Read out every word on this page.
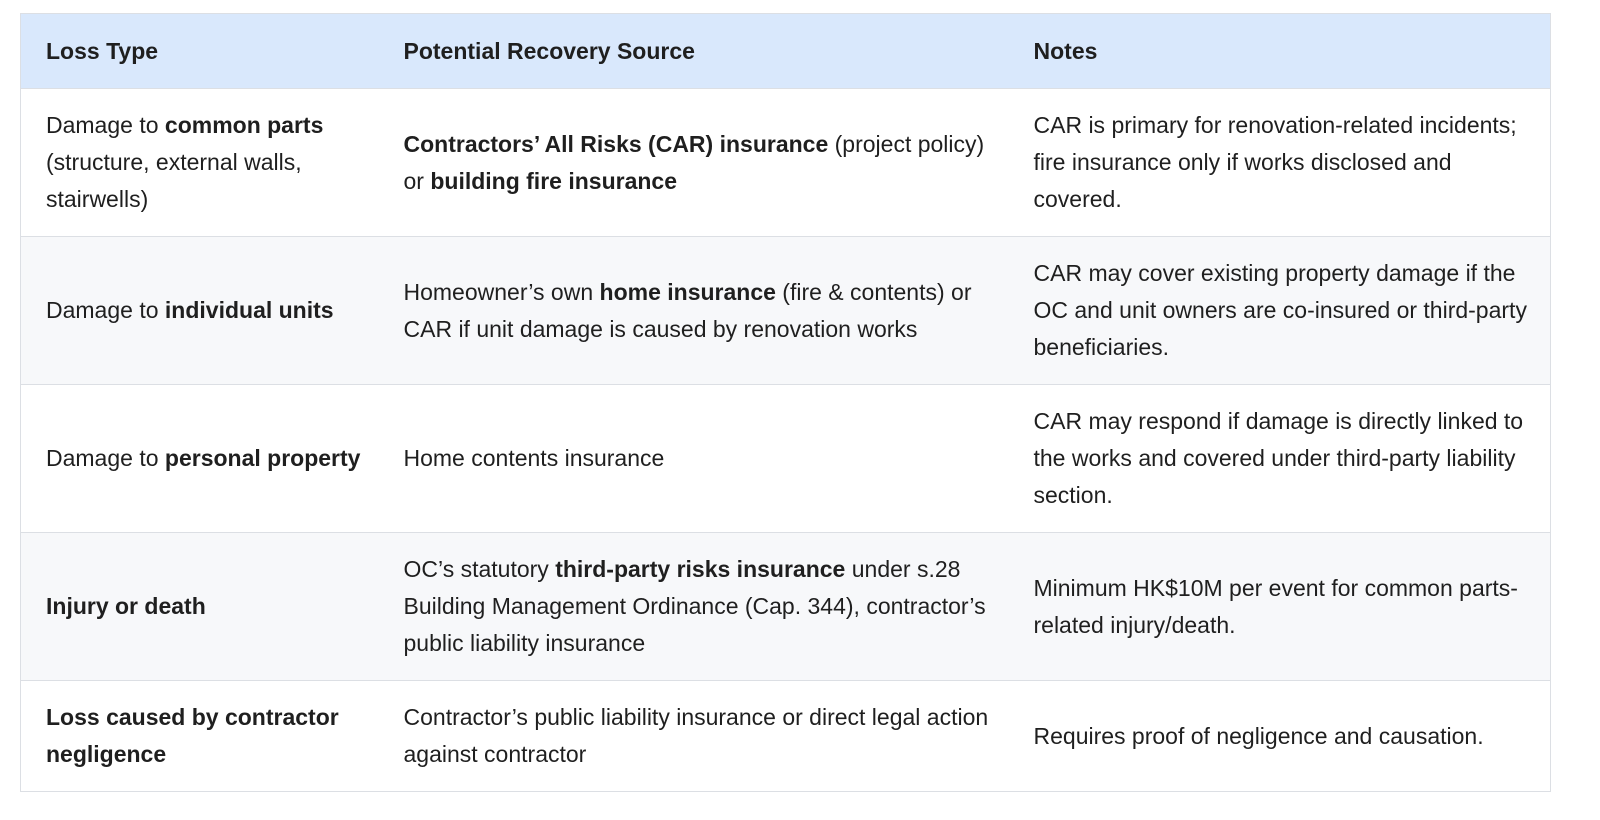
Loss Type	Potential Recovery Source	Notes
Damage to common parts (structure, external walls, stairwells)	Contractors’ All Risks (CAR) insurance (project policy) or building fire insurance	CAR is primary for renovation-related incidents; fire insurance only if works disclosed and covered.
Damage to individual units	Homeowner’s own home insurance (fire & contents) or CAR if unit damage is caused by renovation works	CAR may cover existing property damage if the OC and unit owners are co-insured or third-party beneficiaries.
Damage to personal property	Home contents insurance	CAR may respond if damage is directly linked to the works and covered under third-party liability section.
Injury or death	OC’s statutory third-party risks insurance under s.28 Building Management Ordinance (Cap. 344), contractor’s public liability insurance	Minimum HK$10M per event for common parts-related injury/death.
Loss caused by contractor negligence	Contractor’s public liability insurance or direct legal action against contractor	Requires proof of negligence and causation.
